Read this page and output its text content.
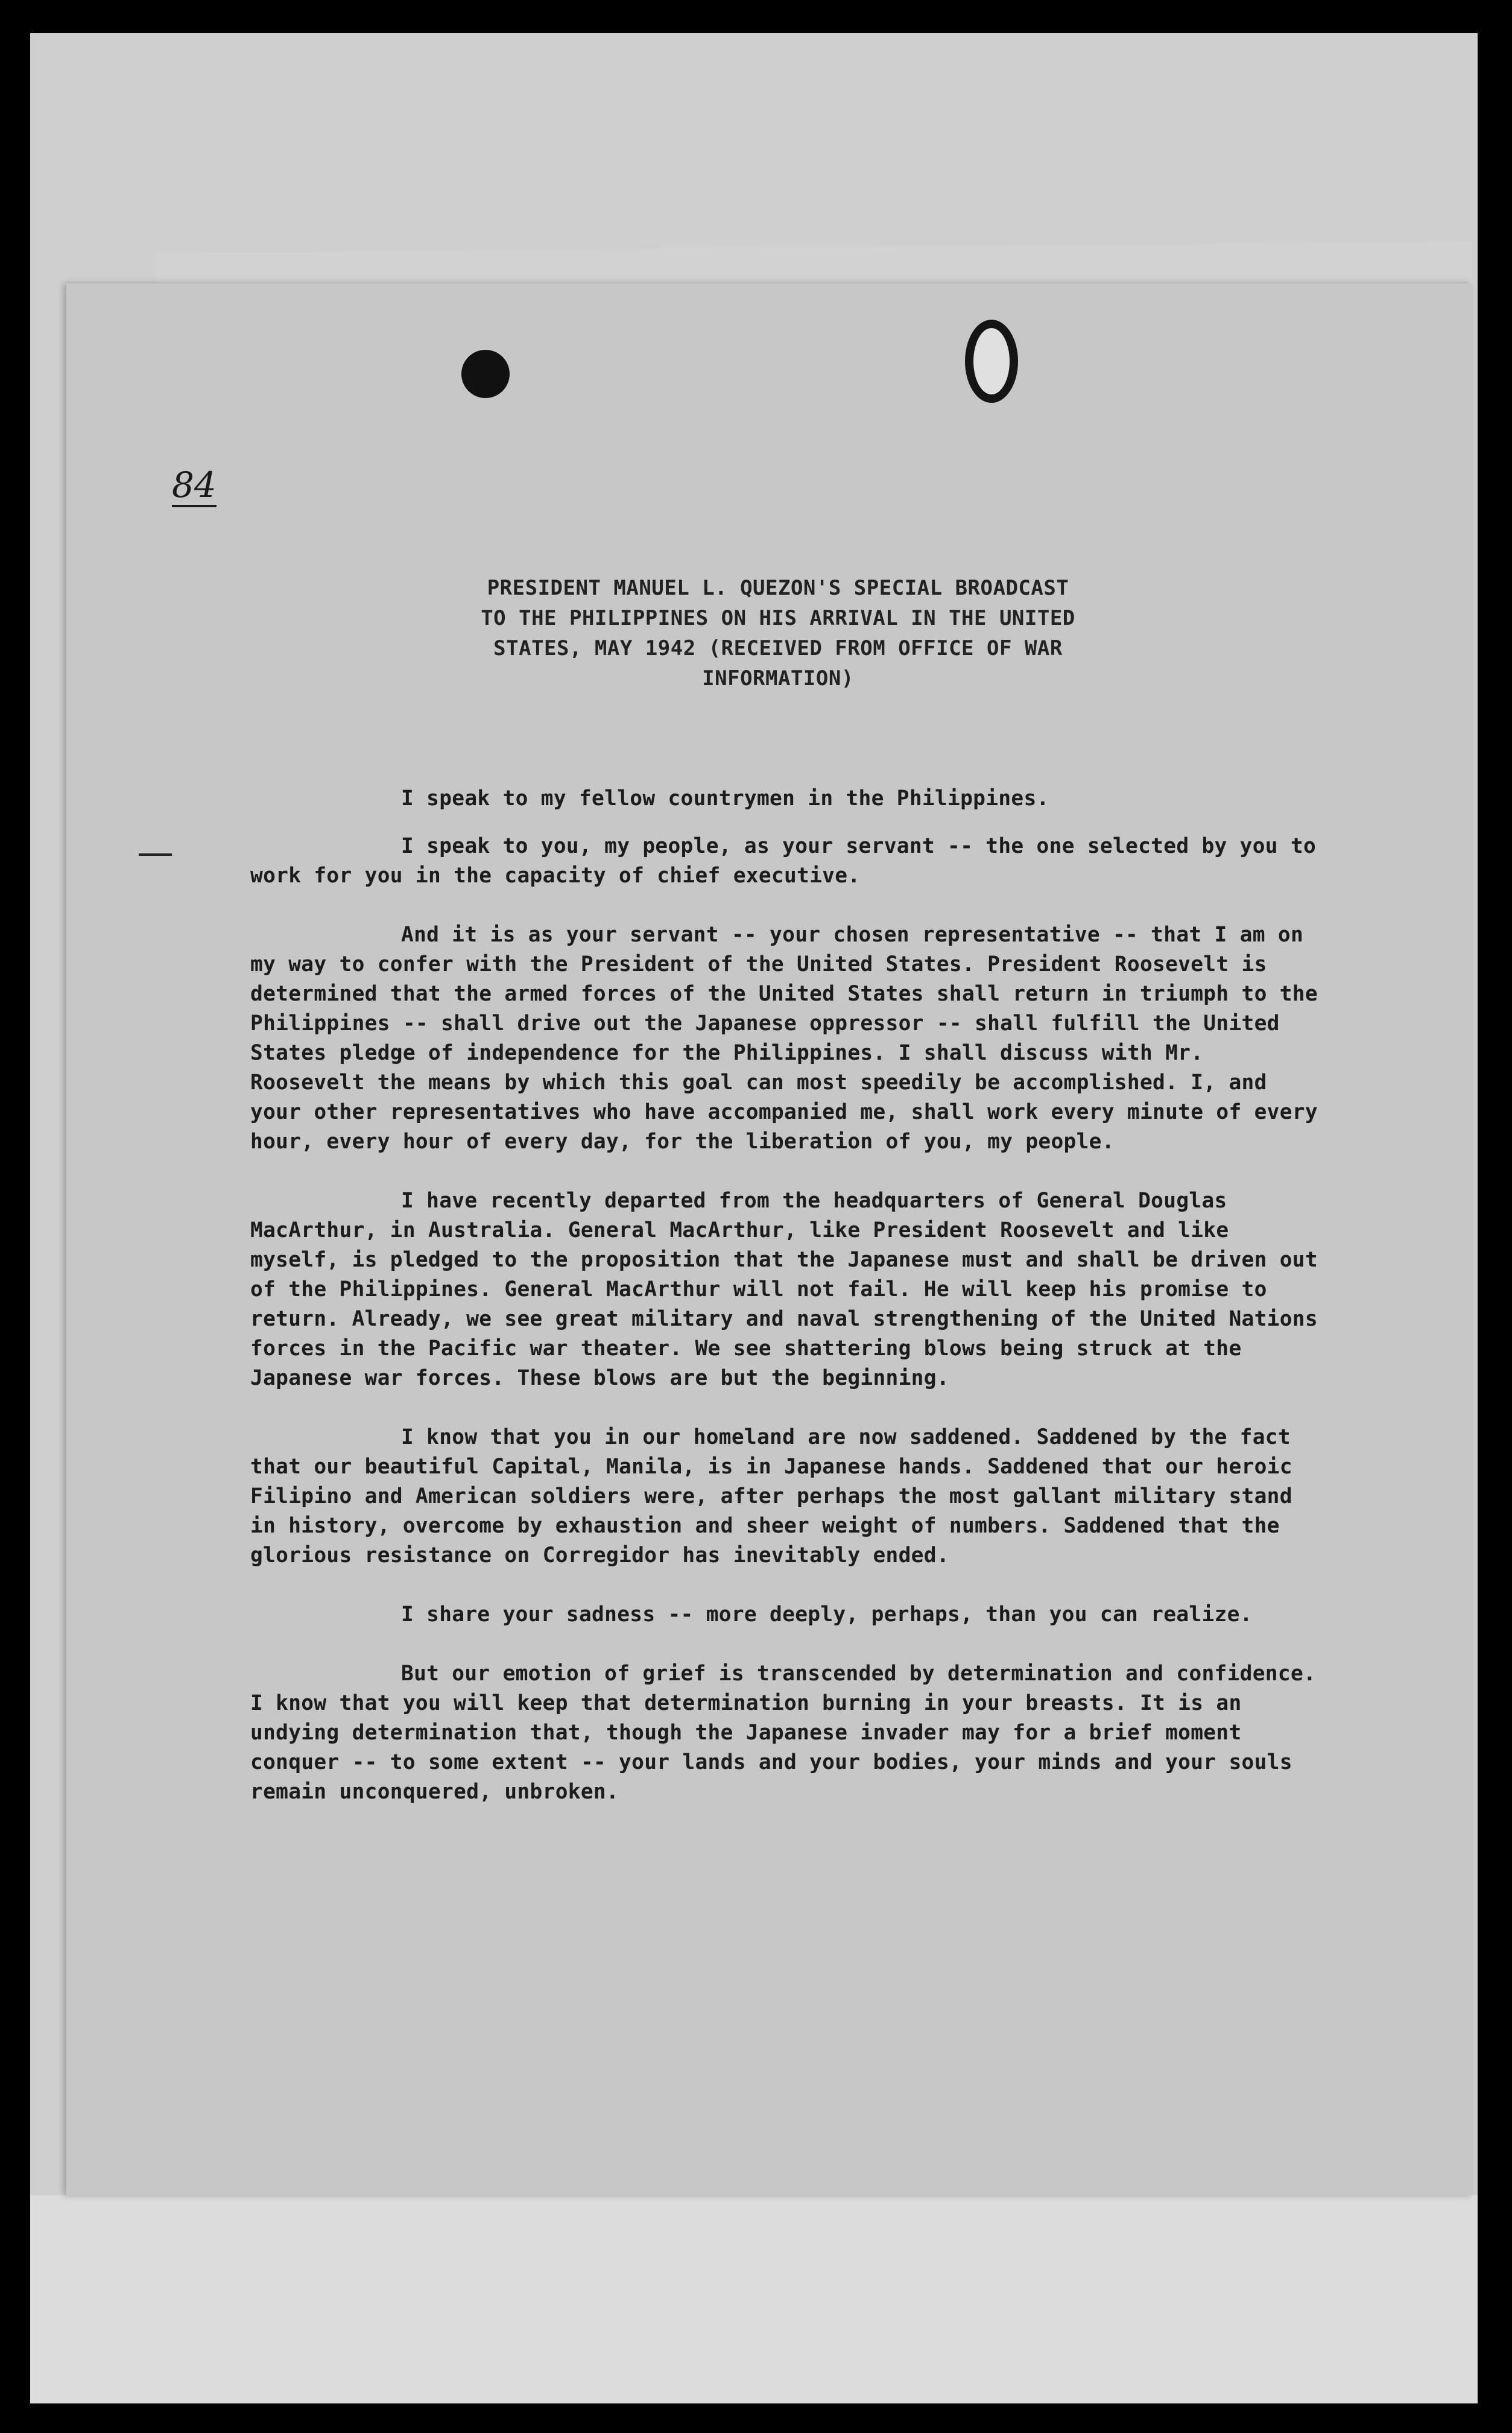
84
PRESIDENT MANUEL L. QUEZON'S SPECIAL BROADCAST
TO THE PHILIPPINES ON HIS ARRIVAL IN THE UNITED
STATES, MAY 1942 (RECEIVED FROM OFFICE OF WAR
INFORMATION)

I speak to my fellow countrymen in the Philippines.

I speak to you, my people, as your servant -- the one selected by you to work for you in the capacity of chief executive.

And it is as your servant -- your chosen representative -- that I am on my way to confer with the President of the United States. President Roosevelt is determined that the armed forces of the United States shall return in triumph to the Philippines -- shall drive out the Japanese oppressor -- shall fulfill the United States pledge of independence for the Philippines. I shall discuss with Mr. Roosevelt the means by which this goal can most speedily be accomplished. I, and your other representatives who have accompanied me, shall work every minute of every hour, every hour of every day, for the liberation of you, my people.

I have recently departed from the headquarters of General Douglas MacArthur, in Australia. General MacArthur, like President Roosevelt and like myself, is pledged to the proposition that the Japanese must and shall be driven out of the Philippines. General MacArthur will not fail. He will keep his promise to return. Already, we see great military and naval strengthening of the United Nations forces in the Pacific war theater. We see shattering blows being struck at the Japanese war forces. These blows are but the beginning.

I know that you in our homeland are now saddened. Saddened by the fact that our beautiful Capital, Manila, is in Japanese hands. Saddened that our heroic Filipino and American soldiers were, after perhaps the most gallant military stand in history, overcome by exhaustion and sheer weight of numbers. Saddened that the glorious resistance on Corregidor has inevitably ended.

I share your sadness -- more deeply, perhaps, than you can realize.

But our emotion of grief is transcended by determination and confidence. I know that you will keep that determination burning in your breasts. It is an undying determination that, though the Japanese invader may for a brief moment conquer -- to some extent -- your lands and your bodies, your minds and your souls remain unconquered, unbroken.
